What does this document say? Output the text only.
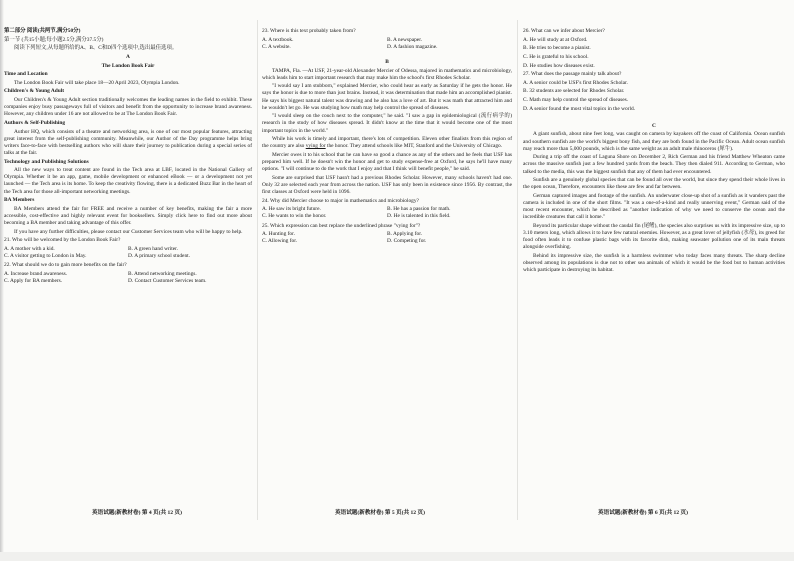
第二部分 阅读(共两节,满分50分)

第一节 (共15小题;每小题2.5分,满分37.5分)

阅读下列短文,从每题所给的A、B、C和D四个选项中,选出最佳选项。

A

The London Book Fair

Time and Location

The London Book Fair will take place 18—20 April 2023, Olympia London.

Children's & Young Adult

Our Children's & Young Adult section traditionally welcomes the leading names in the field to exhibit. These companies enjoy busy passageways full of visitors and benefit from the opportunity to increase brand awareness. However, any children under 16 are not allowed to be at The London Book Fair.

Authors & Self-Publishing

Author HQ, which consists of a theatre and networking area, is one of our most popular features, attracting great interest from the self-publishing community. Meanwhile, our Author of the Day programme helps bring writers face-to-face with bestselling authors who will share their journey to publication during a special series of talks at the fair.

Technology and Publishing Solutions

All the new ways to treat content are found in the Tech area at LBF, located in the National Gallery of Olympia. Whether it be an app, game, mobile development or enhanced eBook — or a development not yet launched — the Tech area is its home. To keep the creativity flowing, there is a dedicated Buzz Bar in the heart of the Tech area for those all-important networking meetings.

BA Members

BA Members attend the fair for FREE and receive a number of key benefits, making the fair a more accessible, cost-effective and highly relevant event for booksellers. Simply click here to find out more about becoming a BA member and taking advantage of this offer.

If you have any further difficulties, please contact our Customer Services team who will be happy to help.

21. Who will be welcomed by the London Book Fair?

A. A mother with a kid.	B. A green hand writer.
C. A visitor getting to London in May.	D. A primary school student.

22. What should we do to gain more benefits on the fair?

A. Increase brand awareness.	B. Attend networking meetings.
C. Apply for BA members.	D. Contact Customer Services team.

23. Where is this text probably taken from?

A. A textbook.	B. A newspaper.
C. A website.	D. A fashion magazine.

B

TAMPA, Fla. —At USF, 21-year-old Alexander Mercier of Odessa, majored in mathematics and microbiology, which leads him to start important research that may make him the school's first Rhodes Scholar.

"I would say I am stubborn," explained Mercier, who could hear as early as Saturday if he gets the honor. He says the honor is due to more than just brains. Instead, it was determination that made him an accomplished pianist. He says his biggest natural talent was drawing and he also has a love of art. But it was math that attracted him and he wouldn't let go. He was studying how math may help control the spread of diseases.

"I would sleep on the couch next to the computer," he said. "I saw a gap in epidemiological (流行病学的) research in the study of how diseases spread. It didn't know at the time that it would become one of the most important topics in the world."

While his work is timely and important, there's lots of competition. Eleven other finalists from this region of the country are also vying for the honor. They attend schools like MIT, Stanford and the University of Chicago.

Mercier owes it to his school that he can have so good a chance as any of the others and he feels that USF has prepared him well. If he doesn't win the honor and get to study expense-free at Oxford, he says he'll have many options. "I will continue to do the work that I enjoy and that I think will benefit people," he said.

Some are surprised that USF hasn't had a previous Rhodes Scholar. However, many schools haven't had one. Only 32 are selected each year from across the nation. USF has only been in existence since 1956. By contrast, the first classes at Oxford were held in 1096.

24. Why did Mercier choose to major in mathematics and microbiology?

A. He saw its bright future.	B. He has a passion for math.
C. He wants to win the honor.	D. He is talented in this field.

25. Which expression can best replace the underlined phrase "vying for"?

A. Hunting for.	B. Applying for.
C. Allowing for.	D. Competing for.

26. What can we infer about Mercier?

A. He will study at at Oxford.

B. He tries to become a pianist.

C. He is grateful to his school.

D. He studies how diseases exist.

27. What does the passage mainly talk about?

A. A senior could be USF's first Rhodes Scholar.

B. 32 students are selected for Rhodes Scholar.

C. Math may help control the spread of diseases.

D. A senior found the most vital topics in the world.

C

A giant sunfish, about nine feet long, was caught on camera by kayakers off the coast of California. Ocean sunfish and southern sunfish are the world's biggest bony fish, and they are both found in the Pacific Ocean. Adult ocean sunfish may reach more than 5,000 pounds, which is the same weight as an adult male rhinoceros (犀牛).

During a trip off the coast of Laguna Shore on December 2, Rich German and his friend Matthew Wheaton came across the massive sunfish just a few hundred yards from the beach. They then dialed 911. According to German, who talked to the media, this was the biggest sunfish that any of them had ever encountered.

Sunfish are a genuinely global species that can be found all over the world, but since they spend their whole lives in the open ocean, Therefore, encounters like these are few and far between.

German captured images and footage of the sunfish. An underwater close-up shot of a sunfish as it wanders past the camera is included in one of the short films. "It was a one-of-a-kind and really unnerving event," German said of the most recent encounter, which he described as "another indication of why we need to conserve the ocean and the incredible creatures that call it home."

Beyond its particular shape without the caudal fin (尾鳍), the species also surprises us with its impressive size, up to 3.10 meters long, which allows it to have few natural enemies. However, as a great lover of jellyfish (水母), its greed for food often leads it to confuse plastic bags with its favorite dish, making seawater pollution one of its main threats alongside overfishing.

Behind its impressive size, the sunfish is a harmless swimmer who today faces many threats. The sharp decline observed among its populations is due not to other sea animals of which it would be the food but to human activities which participate in destroying its habitat.

英语试题(新教材卷) 第 4 页(共 12 页)	英语试题(新教材卷) 第 5 页(共 12 页)	英语试题(新教材卷) 第 6 页(共 12 页)
